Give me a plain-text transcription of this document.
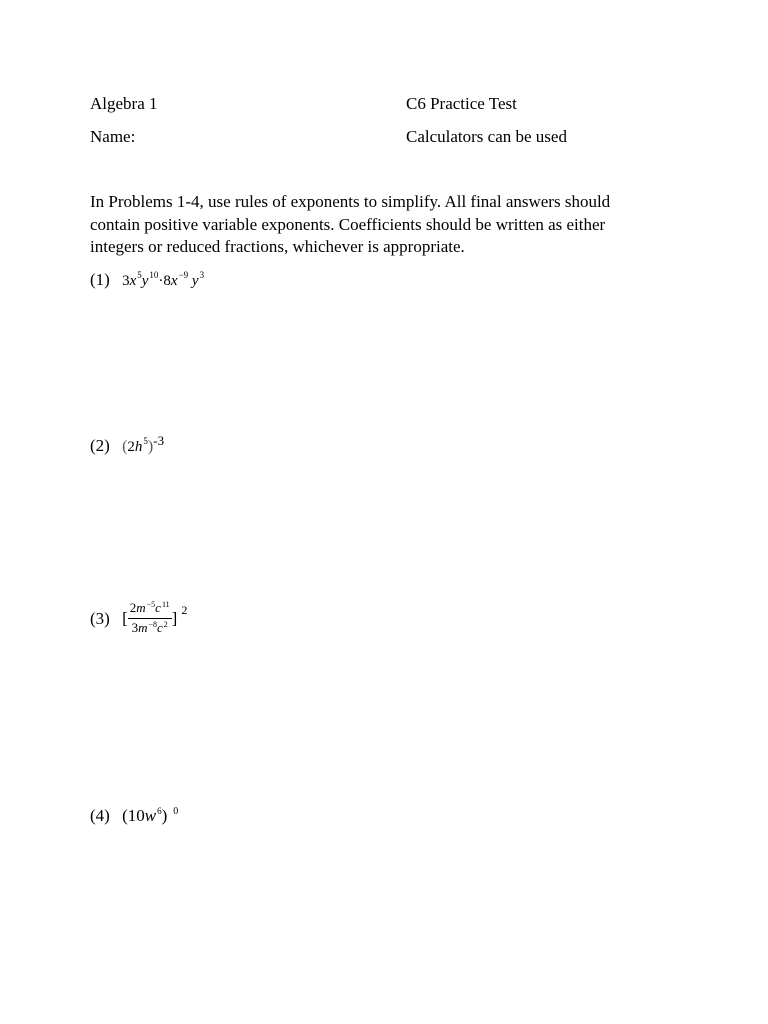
Algebra 1	C6 Practice Test
Name:	Calculators can be used
In Problems 1-4, use rules of exponents to simplify. All final answers should contain positive variable exponents. Coefficients should be written as either integers or reduced fractions, whichever is appropriate.
(1) $3x^5y^{10}\cdot 8x^{-9}$ $y^3$
(2) $(2h^5)-3$
(3) [ $\frac{2m^{-5}c^{11}}{3m^{-8}c^2}$ ] $^2$
(4) $(10w^6)$ $^0$
